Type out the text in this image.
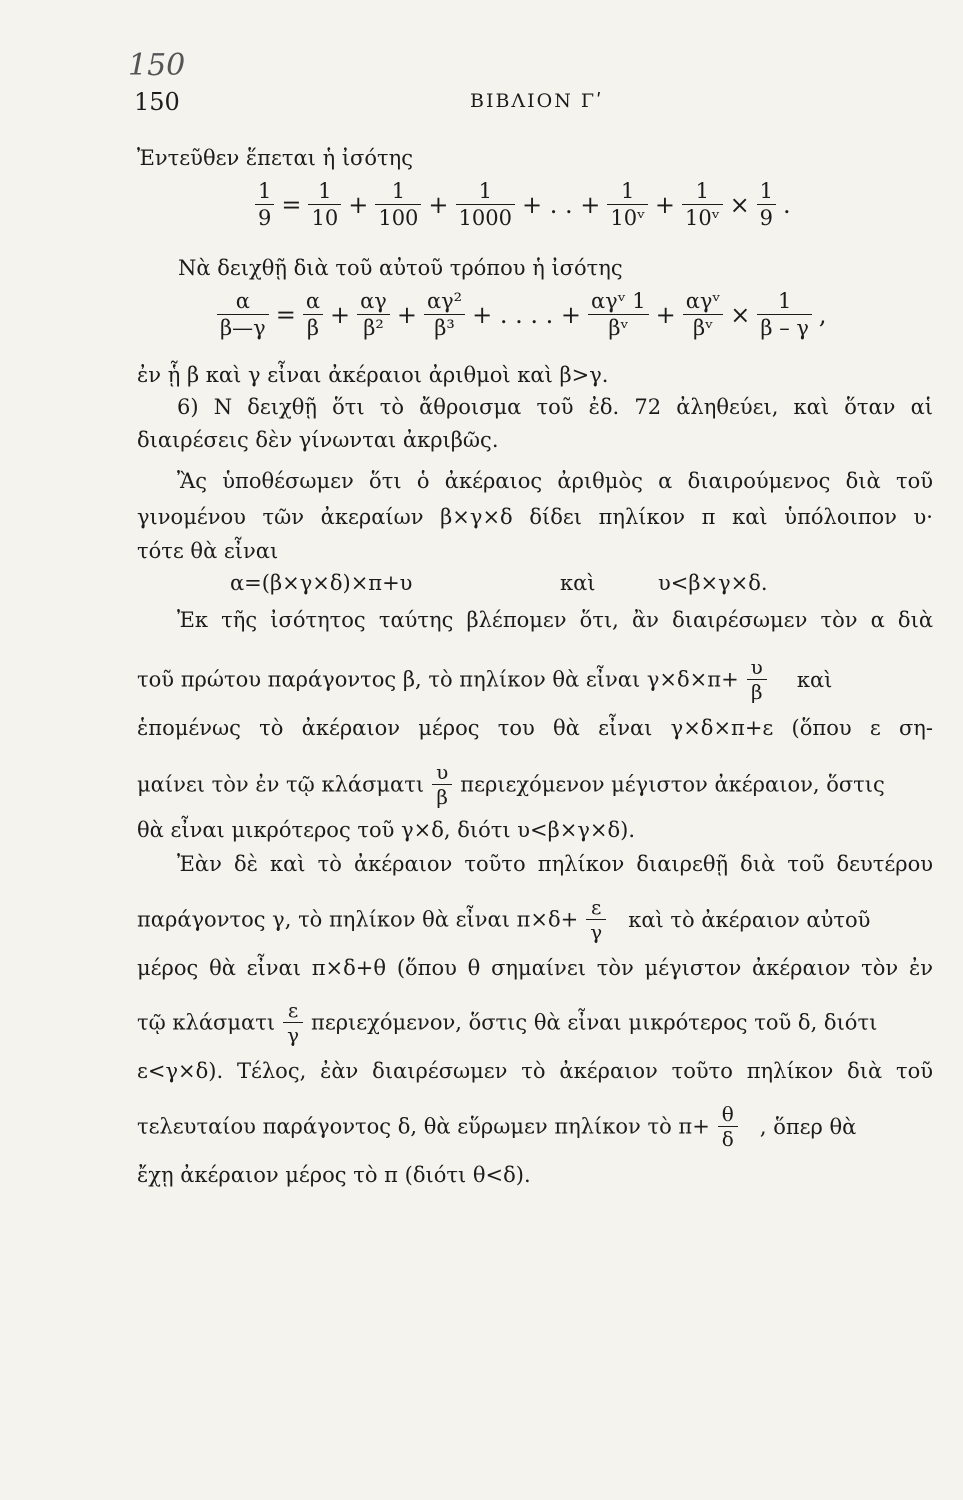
150
150	ΒΙΒΛΙΟΝ Γʹ
Ἐντεῦθεν ἕπεται ἡ ἰσότης
$\frac{1}{9} = \frac{1}{10} + \frac{1}{100} + \frac{1}{1000}$ + . . + $\frac{1}{\text{10ᵛ}} + \frac{1}{\text{10ᵛ}} \times \frac{1}{9}$ .
Νὰ δειχθῇ διὰ τοῦ αὐτοῦ τρόπου ἡ ἰσότης
$\frac{\alpha}{\beta—\gamma} = \frac{\alpha}{\beta} + \frac{\alpha\gamma}{\text{β²}} + \frac{\text{αγ²}}{\text{β³}}$ + . . . . + $\frac{\text{αγᵛ 1}}{\text{βᵛ}} + \frac{\text{αγᵛ}}{\text{βᵛ}} \times \frac{1}{\beta - \gamma}$ ,
ἐν ᾗ β καὶ γ εἶναι ἀκέραιοι ἀριθμοὶ καὶ β>γ.
6) Ν δειχθῇ ὅτι τὸ ἄθροισμα τοῦ ἐδ. 72 ἀληθεύει, καὶ ὅταν αἱ
διαιρέσεις δὲν γίνωνται ἀκριβῶς.
Ἂς ὑποθέσωμεν ὅτι ὁ ἀκέραιος ἀριθμὸς α διαιρούμενος διὰ τοῦ
γινομένου τῶν ἀκεραίων β×γ×δ δίδει πηλίκον π καὶ ὑπόλοιπον υ·
τότε θὰ εἶναι
α=(β×γ×δ)×π+υ	καὶ	υ<β×γ×δ.
Ἐκ τῆς ἰσότητος ταύτης βλέπομεν ὅτι, ἂν διαιρέσωμεν τὸν α διὰ
τοῦ πρώτου παράγοντος β, τὸ πηλίκον θὰ εἶναι $\gamma\times\delta\times\pi+ \frac{\upsilon}{\beta}$ καὶ
ἑπομένως τὸ ἀκέραιον μέρος του θὰ εἶναι γ×δ×π+ε (ὅπου ε ση-
μαίνει τὸν ἐν τῷ κλάσματι $\frac{\upsilon}{\beta}$ περιεχόμενον μέγιστον ἀκέραιον, ὅστις
θὰ εἶναι μικρότερος τοῦ γ×δ, διότι υ<β×γ×δ).
Ἐὰν δὲ καὶ τὸ ἀκέραιον τοῦτο πηλίκον διαιρεθῇ διὰ τοῦ δευτέρου
παράγοντος γ, τὸ πηλίκον θὰ εἶναι $\pi\times\delta+ \frac{\varepsilon}{\gamma}$ καὶ τὸ ἀκέραιον αὐτοῦ
μέρος θὰ εἶναι π×δ+θ (ὅπου θ σημαίνει τὸν μέγιστον ἀκέραιον τὸν ἐν
τῷ κλάσματι $\frac{\varepsilon}{\gamma} \pi\varepsilon\rho\iota\varepsilon\chi ό\mu\varepsilon\nu o\nu$, ὅστις θὰ εἶναι μικρότερος τοῦ δ, διότι
ε<γ×δ). Τέλος, ἐὰν διαιρέσωμεν τὸ ἀκέραιον τοῦτο πηλίκον διὰ τοῦ
τελευταίου παράγοντος δ, θὰ εὕρωμεν πηλίκον τὸ $\pi+ \frac{\theta}{\delta}$ , ὅπερ θὰ
ἔχῃ ἀκέραιον μέρος τὸ π (διότι θ<δ).
